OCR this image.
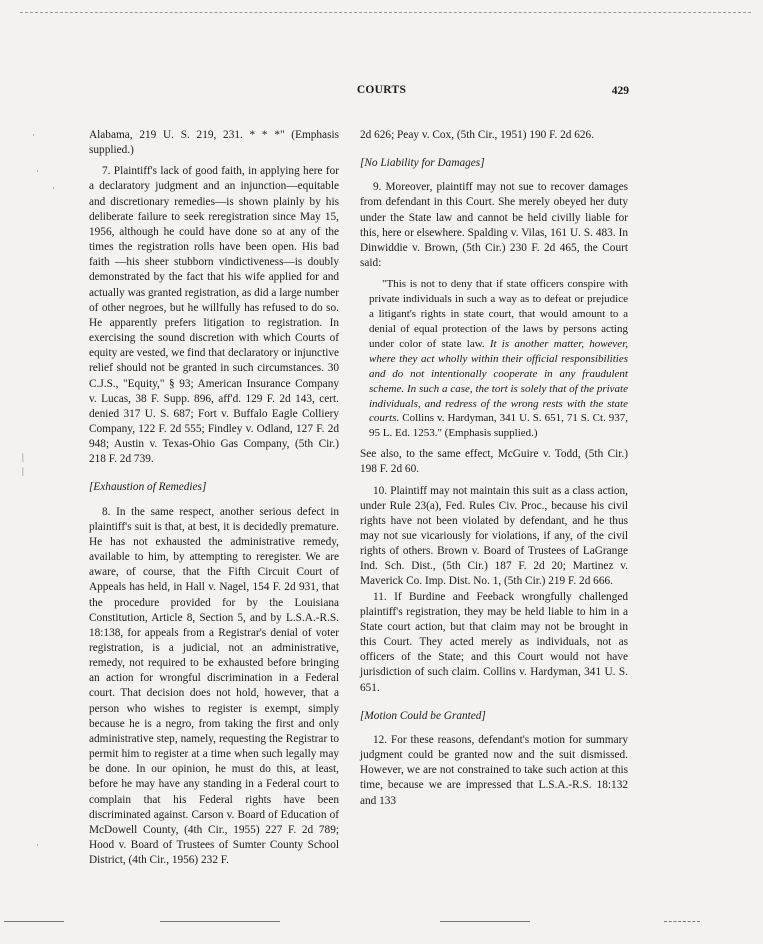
COURTS	429
·
·
·
|
|
·

Alabama, 219 U. S. 219, 231. * * *" (Emphasis supplied.)

7. Plaintiff's lack of good faith, in applying here for a declaratory judgment and an injunction—equitable and discretionary remedies—is shown plainly by his deliberate failure to seek reregistration since May 15, 1956, although he could have done so at any of the times the registration rolls have been open. His bad faith —his sheer stubborn vindictiveness—is doubly demonstrated by the fact that his wife applied for and actually was granted registration, as did a large number of other negroes, but he willfully has refused to do so. He apparently prefers litigation to registration. In exercising the sound discretion with which Courts of equity are vested, we find that declaratory or injunctive relief should not be granted in such circumstances. 30 C.J.S., "Equity," § 93; American Insurance Company v. Lucas, 38 F. Supp. 896, aff'd. 129 F. 2d 143, cert. denied 317 U. S. 687; Fort v. Buffalo Eagle Colliery Company, 122 F. 2d 555; Findley v. Odland, 127 F. 2d 948; Austin v. Texas-Ohio Gas Company, (5th Cir.) 218 F. 2d 739.

[Exhaustion of Remedies]

8. In the same respect, another serious defect in plaintiff's suit is that, at best, it is decidedly premature. He has not exhausted the administrative remedy, available to him, by attempting to reregister. We are aware, of course, that the Fifth Circuit Court of Appeals has held, in Hall v. Nagel, 154 F. 2d 931, that the procedure provided for by the Louisiana Constitution, Article 8, Section 5, and by L.S.A.-R.S. 18:138, for appeals from a Registrar's denial of voter registration, is a judicial, not an administrative, remedy, not required to be exhausted before bringing an action for wrongful discrimination in a Federal court. That decision does not hold, however, that a person who wishes to register is exempt, simply because he is a negro, from taking the first and only administrative step, namely, requesting the Registrar to permit him to register at a time when such legally may be done. In our opinion, he must do this, at least, before he may have any standing in a Federal court to complain that his Federal rights have been discriminated against. Carson v. Board of Education of McDowell County, (4th Cir., 1955) 227 F. 2d 789; Hood v. Board of Trustees of Sumter County School District, (4th Cir., 1956) 232 F.

2d 626; Peay v. Cox, (5th Cir., 1951) 190 F. 2d 626.

[No Liability for Damages]

9. Moreover, plaintiff may not sue to recover damages from defendant in this Court. She merely obeyed her duty under the State law and cannot be held civilly liable for this, here or elsewhere. Spalding v. Vilas, 161 U. S. 483. In Dinwiddie v. Brown, (5th Cir.) 230 F. 2d 465, the Court said:

"This is not to deny that if state officers conspire with private individuals in such a way as to defeat or prejudice a litigant's rights in state court, that would amount to a denial of equal protection of the laws by persons acting under color of state law. It is another matter, however, where they act wholly within their official responsibilities and do not intentionally cooperate in any fraudulent scheme. In such a case, the tort is solely that of the private individuals, and redress of the wrong rests with the state courts. Collins v. Hardyman, 341 U. S. 651, 71 S. Ct. 937, 95 L. Ed. 1253." (Emphasis supplied.)

See also, to the same effect, McGuire v. Todd, (5th Cir.) 198 F. 2d 60.

10. Plaintiff may not maintain this suit as a class action, under Rule 23(a), Fed. Rules Civ. Proc., because his civil rights have not been violated by defendant, and he thus may not sue vicariously for violations, if any, of the civil rights of others. Brown v. Board of Trustees of LaGrange Ind. Sch. Dist., (5th Cir.) 187 F. 2d 20; Martinez v. Maverick Co. Imp. Dist. No. 1, (5th Cir.) 219 F. 2d 666.

11. If Burdine and Feeback wrongfully challenged plaintiff's registration, they may be held liable to him in a State court action, but that claim may not be brought in this Court. They acted merely as individuals, not as officers of the State; and this Court would not have jurisdiction of such claim. Collins v. Hardyman, 341 U. S. 651.

[Motion Could be Granted]

12. For these reasons, defendant's motion for summary judgment could be granted now and the suit dismissed. However, we are not constrained to take such action at this time, because we are impressed that L.S.A.-R.S. 18:132 and 133
